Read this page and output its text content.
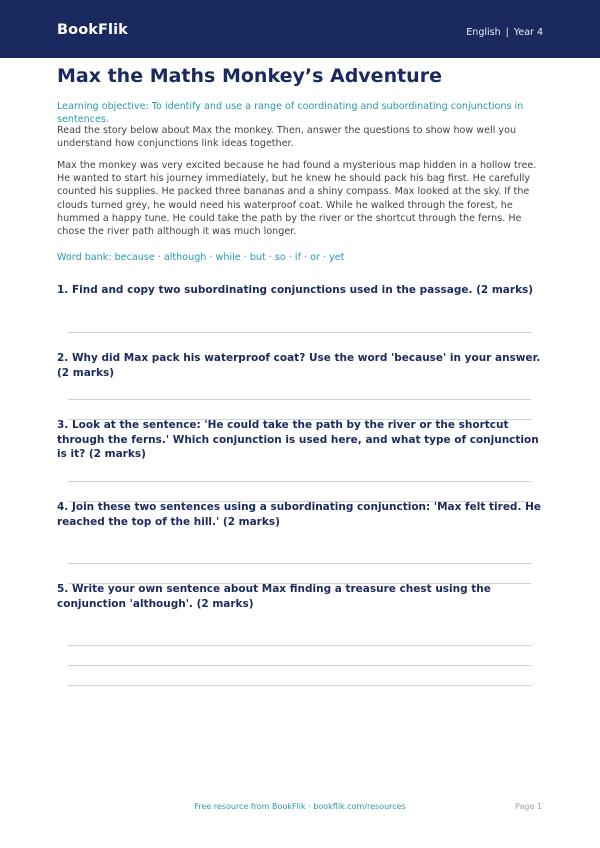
BookFlik	English | Year 4
Max the Maths Monkey’s Adventure
Learning objective: To identify and use a range of coordinating and subordinating conjunctions in sentences.
Read the story below about Max the monkey. Then, answer the questions to show how well you understand how conjunctions link ideas together.
Max the monkey was very excited because he had found a mysterious map hidden in a hollow tree. He wanted to start his journey immediately, but he knew he should pack his bag first. He carefully counted his supplies. He packed three bananas and a shiny compass. Max looked at the sky. If the clouds turned grey, he would need his waterproof coat. While he walked through the forest, he hummed a happy tune. He could take the path by the river or the shortcut through the ferns. He chose the river path although it was much longer.
Word bank: because · although · while · but · so · if · or · yet
1. Find and copy two subordinating conjunctions used in the passage. (2 marks)
2. Why did Max pack his waterproof coat? Use the word 'because' in your answer. (2 marks)
3. Look at the sentence: 'He could take the path by the river or the shortcut through the ferns.' Which conjunction is used here, and what type of conjunction is it? (2 marks)
4. Join these two sentences using a subordinating conjunction: 'Max felt tired. He reached the top of the hill.' (2 marks)
5. Write your own sentence about Max finding a treasure chest using the conjunction 'although'. (2 marks)
Free resource from BookFlik · bookflik.com/resources	Page 1
